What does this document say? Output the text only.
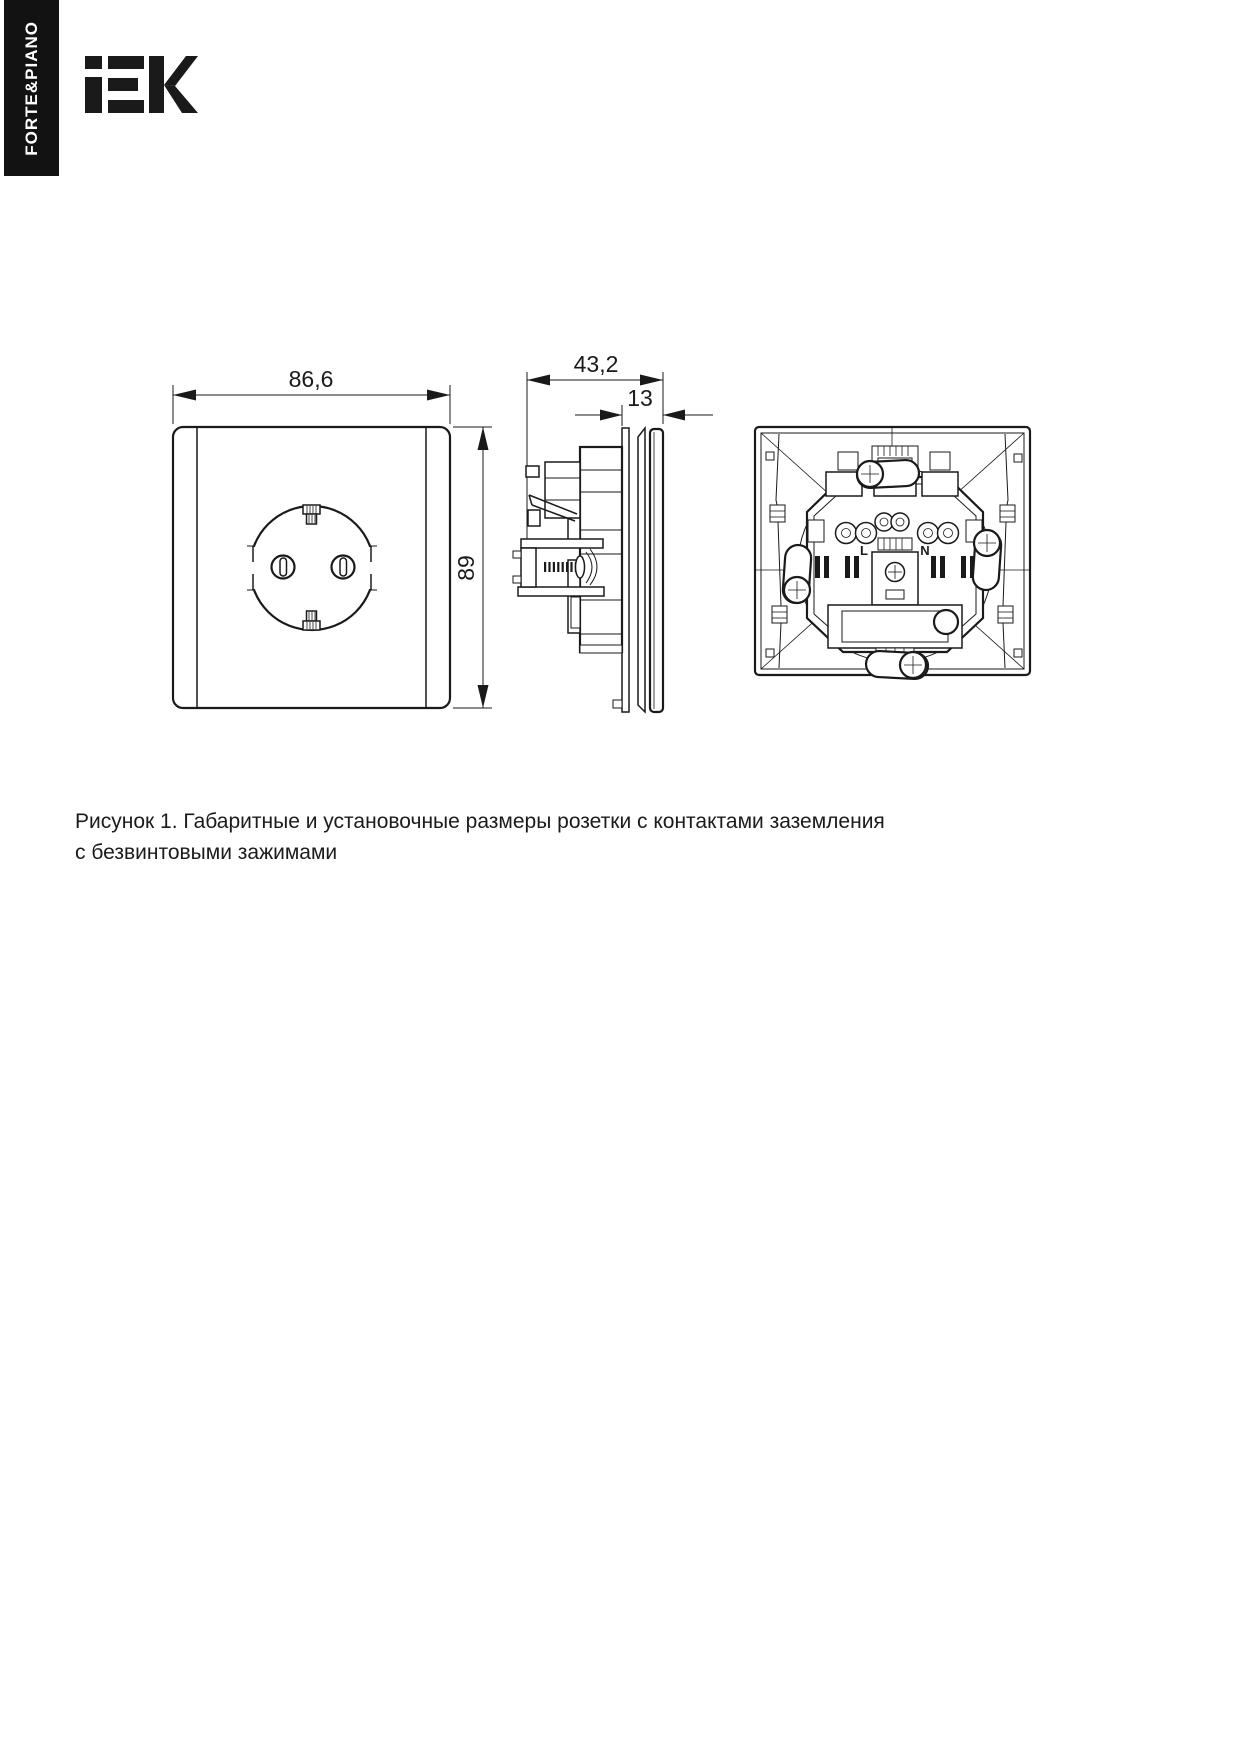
FORTE&PIANO
86,6
89
43,2
13
L	N

Рисунок 1. Габаритные и установочные размеры розетки с контактами заземления
с безвинтовыми зажимами
